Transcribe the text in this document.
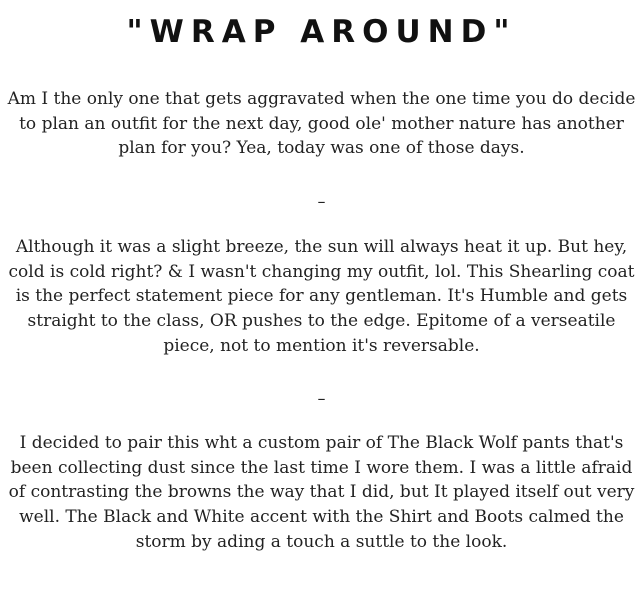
"WRAP AROUND"
Am I the only one that gets aggravated when the one time you do decide to plan an outfit for the next day, good ole' mother nature has another plan for you? Yea, today was one of those days.
–
Although it was a slight breeze, the sun will always heat it up. But hey, cold is cold right? & I wasn't changing my outfit, lol. This Shearling coat is the perfect statement piece for any gentleman. It's Humble and gets straight to the class, OR pushes to the edge. Epitome of a verseatile piece, not to mention it's reversable.
–
I decided to pair this wht a custom pair of The Black Wolf pants that's been collecting dust since the last time I wore them. I was a little afraid of contrasting the browns the way that I did, but It played itself out very well. The Black and White accent with the Shirt and Boots calmed the storm by ading a touch a suttle to the look.
